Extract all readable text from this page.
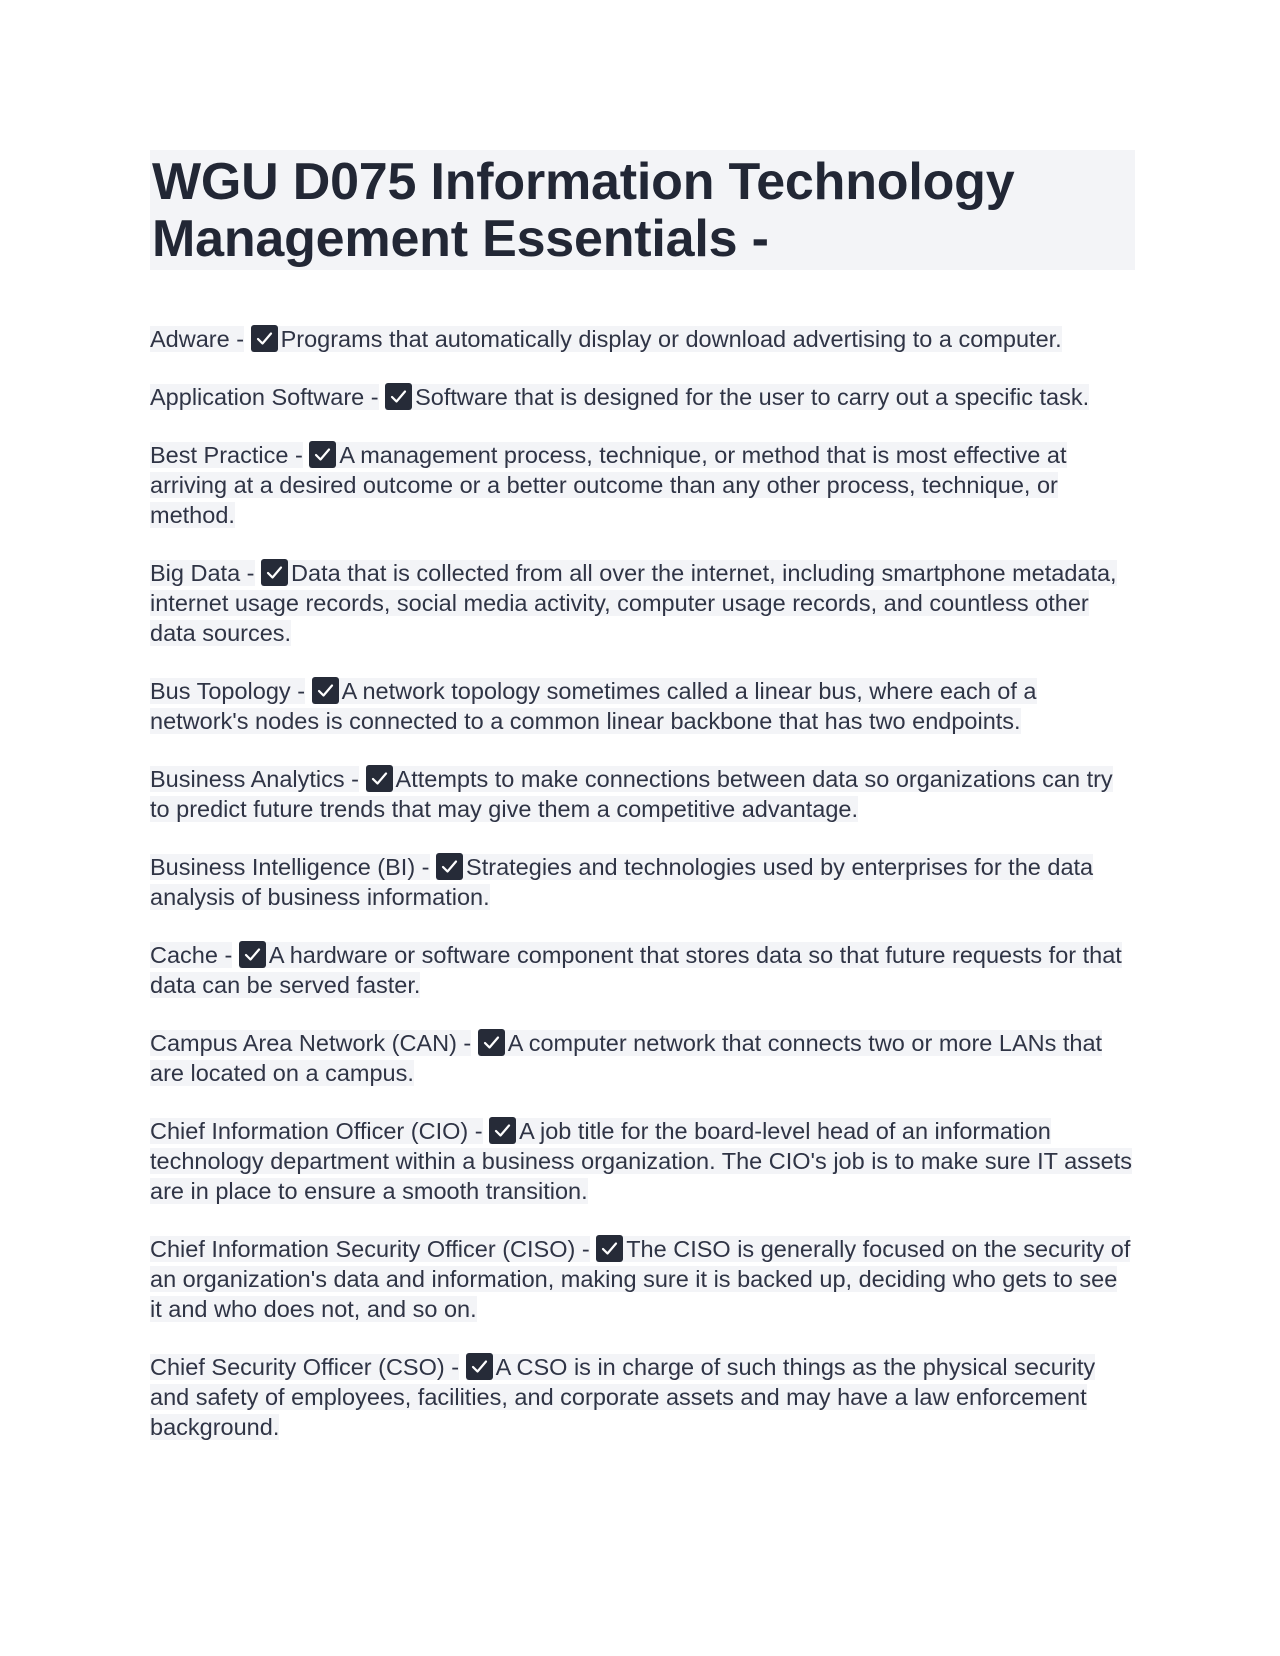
WGU D075 Information Technology Management Essentials -

Adware - Programs that automatically display or download advertising to a computer.

Application Software - Software that is designed for the user to carry out a specific task.

Best Practice - A management process, technique, or method that is most effective at arriving at a desired outcome or a better outcome than any other process, technique, or method.

Big Data - Data that is collected from all over the internet, including smartphone metadata, internet usage records, social media activity, computer usage records, and countless other data sources.

Bus Topology - A network topology sometimes called a linear bus, where each of a network's nodes is connected to a common linear backbone that has two endpoints.

Business Analytics - Attempts to make connections between data so organizations can try to predict future trends that may give them a competitive advantage.

Business Intelligence (BI) - Strategies and technologies used by enterprises for the data analysis of business information.

Cache - A hardware or software component that stores data so that future requests for that data can be served faster.

Campus Area Network (CAN) - A computer network that connects two or more LANs that are located on a campus.

Chief Information Officer (CIO) - A job title for the board-level head of an information technology department within a business organization. The CIO's job is to make sure IT assets are in place to ensure a smooth transition.

Chief Information Security Officer (CISO) - The CISO is generally focused on the security of an organization's data and information, making sure it is backed up, deciding who gets to see it and who does not, and so on.

Chief Security Officer (CSO) - A CSO is in charge of such things as the physical security and safety of employees, facilities, and corporate assets and may have a law enforcement background.
